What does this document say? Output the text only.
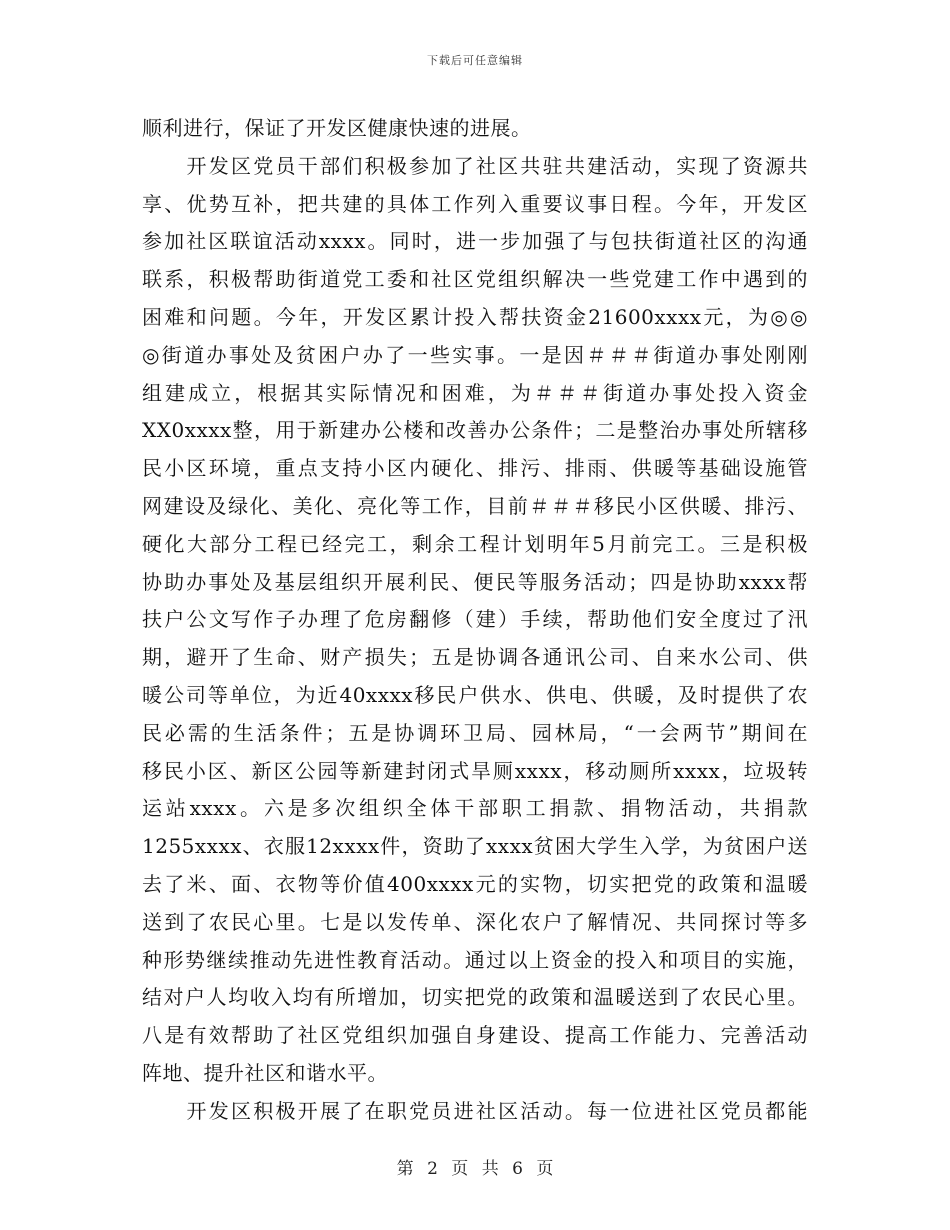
下载后可任意编辑
顺利进行，保证了开发区健康快速的进展。
　　开发区党员干部们积极参加了社区共驻共建活动，实现了资源共
享、优势互补，把共建的具体工作列入重要议事日程。今年，开发区
参加社区联谊活动xxxx。同时，进一步加强了与包扶街道社区的沟通
联系，积极帮助街道党工委和社区党组织解决一些党建工作中遇到的
困难和问题。今年，开发区累计投入帮扶资金21600xxxx元，为◎◎
◎街道办事处及贫困户办了一些实事。一是因＃＃＃街道办事处刚刚
组建成立，根据其实际情况和困难，为＃＃＃街道办事处投入资金
XX0xxxx整，用于新建办公楼和改善办公条件；二是整治办事处所辖移
民小区环境，重点支持小区内硬化、排污、排雨、供暖等基础设施管
网建设及绿化、美化、亮化等工作，目前＃＃＃移民小区供暖、排污、
硬化大部分工程已经完工，剩余工程计划明年5月前完工。三是积极
协助办事处及基层组织开展利民、便民等服务活动；四是协助xxxx帮
扶户公文写作子办理了危房翻修（建）手续，帮助他们安全度过了汛
期，避开了生命、财产损失；五是协调各通讯公司、自来水公司、供
暖公司等单位，为近40xxxx移民户供水、供电、供暖，及时提供了农
民必需的生活条件；五是协调环卫局、园林局，“一会两节”期间在
移民小区、新区公园等新建封闭式旱厕xxxx，移动厕所xxxx，垃圾转
运站xxxx。六是多次组织全体干部职工捐款、捐物活动，共捐款
1255xxxx、衣服12xxxx件，资助了xxxx贫困大学生入学，为贫困户送
去了米、面、衣物等价值400xxxx元的实物，切实把党的政策和温暖
送到了农民心里。七是以发传单、深化农户了解情况、共同探讨等多
种形势继续推动先进性教育活动。通过以上资金的投入和项目的实施，
结对户人均收入均有所增加，切实把党的政策和温暖送到了农民心里。
八是有效帮助了社区党组织加强自身建设、提高工作能力、完善活动
阵地、提升社区和谐水平。
　　开发区积极开展了在职党员进社区活动。每一位进社区党员都能
第 2 页 共 6 页
